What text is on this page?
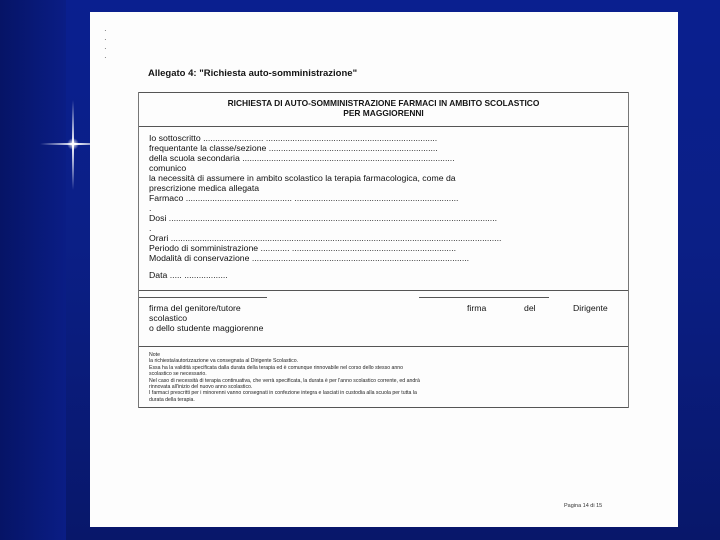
·
·
·
·
Allegato 4: "Richiesta auto-somministrazione"
RICHIESTA DI AUTO-SOMMINISTRAZIONE FARMACI IN AMBITO SCOLASTICO
PER MAGGIORENNI
Io sottoscritto ......................... .......................................................................
frequentante la classe/sezione ......................................................................
della scuola secondaria ........................................................................................
comunico
la necessità di assumere in ambito scolastico la terapia farmacologica, come da
prescrizione medica allegata
Farmaco ............................................ ....................................................................
.
Dosi ........................................................................................................................................
.
Orari .........................................................................................................................................
Periodo di somministrazione ............ ....................................................................
Modalità di conservazione ..........................................................................................
Data ..... ..................
firma del genitore/tutore
scolastico
o dello studente maggiorenne
firma	del	Dirigente
Note
la richiesta/autorizzazione va consegnata al Dirigente Scolastico.
Essa ha la validità specificata dalla durata della terapia ed è comunque rinnovabile nel corso dello stesso anno
scolastico se necessario.
Nel caso di necessità di terapia continuativa, che verrà specificata, la durata è per l'anno scolastico corrente, ed andrà
rinnovata all'inizio del nuovo anno scolastico.
I farmaci prescritti per i minorenni vanno consegnati in confezione integra e lasciati in custodia alla scuola per tutta la
durata della terapia.
Pagina 14 di 15
